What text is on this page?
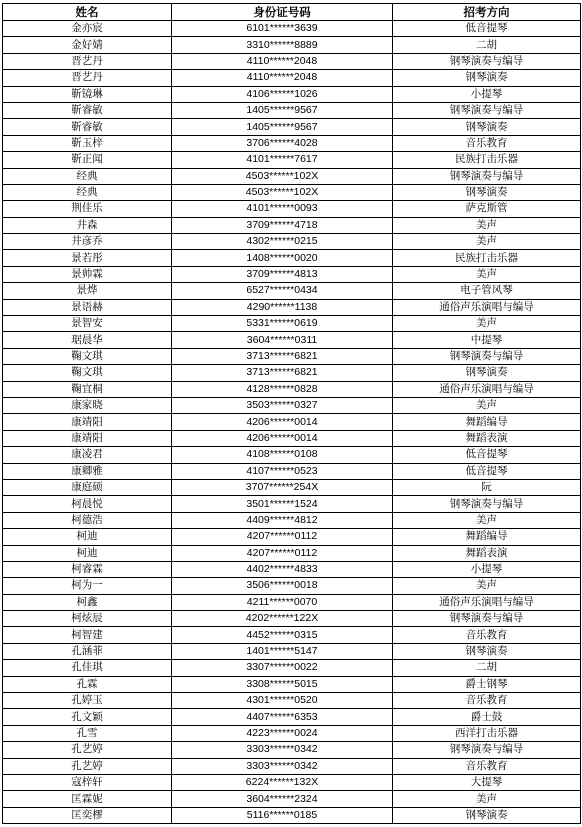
姓名	身份证号码	招考方向
金亦宸	6101******3639	低音提琴
金好婧	3310******8889	二胡
晋艺丹	4110******2048	钢琴演奏与编导
晋艺丹	4110******2048	钢琴演奏
靳镜琳	4106******1026	小提琴
靳睿敏	1405******9567	钢琴演奏与编导
靳睿敏	1405******9567	钢琴演奏
靳玉梓	3706******4028	音乐教育
靳正闻	4101******7617	民族打击乐器
经典	4503******102X	钢琴演奏与编导
经典	4503******102X	钢琴演奏
荆佳乐	4101******0093	萨克斯管
井森	3709******4718	美声
井彦乔	4302******0215	美声
景若彤	1408******0020	民族打击乐器
景帅霖	3709******4813	美声
景烨	6527******0434	电子管风琴
景语赫	4290******1138	通俗声乐演唱与编导
景智安	5331******0619	美声
琚晨华	3604******0311	中提琴
鞠文琪	3713******6821	钢琴演奏与编导
鞠文琪	3713******6821	钢琴演奏
鞠宜桐	4128******0828	通俗声乐演唱与编导
康家晓	3503******0327	美声
康靖阳	4206******0014	舞蹈编导
康靖阳	4206******0014	舞蹈表演
康凌君	4108******0108	低音提琴
康卿雅	4107******0523	低音提琴
康庭硕	3707******254X	阮
柯晨悦	3501******1524	钢琴演奏与编导
柯德浩	4409******4812	美声
柯迪	4207******0112	舞蹈编导
柯迪	4207******0112	舞蹈表演
柯睿霖	4402******4833	小提琴
柯为一	3506******0018	美声
柯鑫	4211******0070	通俗声乐演唱与编导
柯炫辰	4202******122X	钢琴演奏与编导
柯智建	4452******0315	音乐教育
孔涵菲	1401******5147	钢琴演奏
孔佳琪	3307******0022	二胡
孔霖	3308******5015	爵士钢琴
孔婷玉	4301******0520	音乐教育
孔文颖	4407******6353	爵士鼓
孔雪	4223******0024	西洋打击乐器
孔艺婷	3303******0342	钢琴演奏与编导
孔艺婷	3303******0342	音乐教育
寇梓轩	6224******132X	大提琴
匡霖妮	3604******2324	美声
匡奕樛	5116******0185	钢琴演奏
